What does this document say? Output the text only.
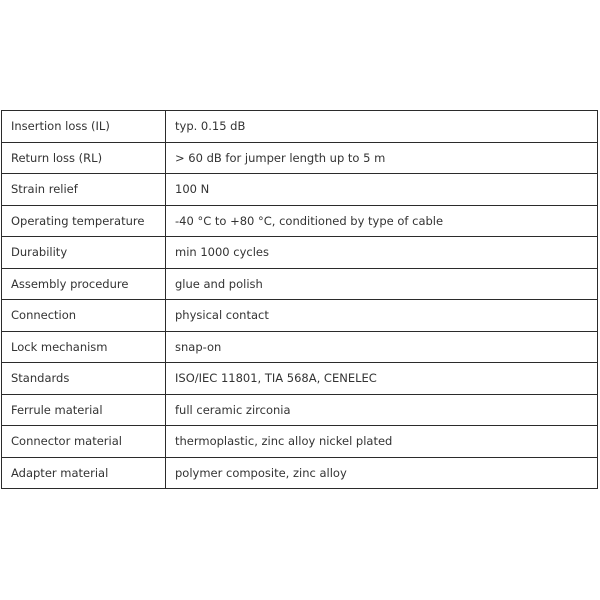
Insertion loss (IL)	typ. 0.15 dB
Return loss (RL)	> 60 dB for jumper length up to 5 m
Strain relief	100 N
Operating temperature	-40 °C to +80 °C, conditioned by type of cable
Durability	min 1000 cycles
Assembly procedure	glue and polish
Connection	physical contact
Lock mechanism	snap-on
Standards	ISO/IEC 11801, TIA 568A, CENELEC
Ferrule material	full ceramic zirconia
Connector material	thermoplastic, zinc alloy nickel plated
Adapter material	polymer composite, zinc alloy
